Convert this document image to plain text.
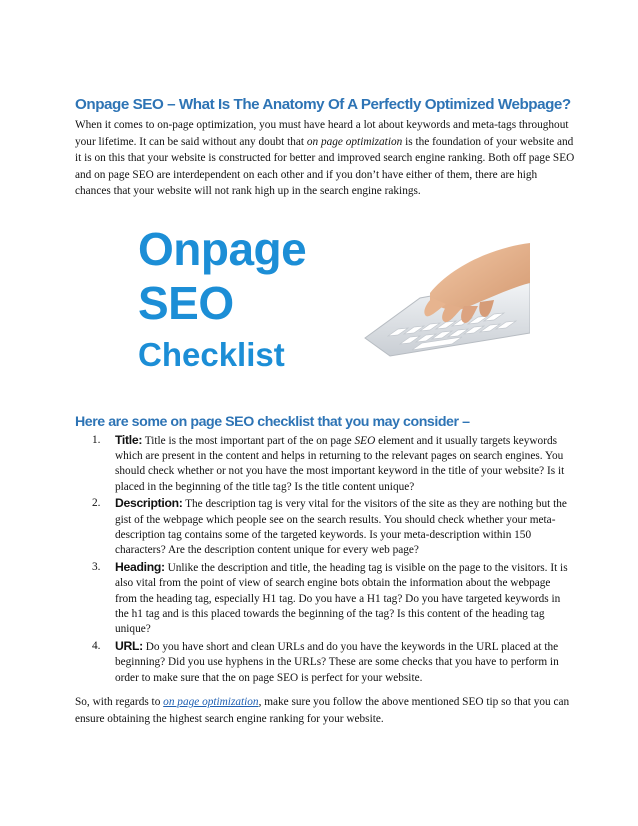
Onpage SEO – What Is The Anatomy Of A Perfectly Optimized Webpage?

When it comes to on-page optimization, you must have heard a lot about keywords and meta-tags throughout your lifetime. It can be said without any doubt that on page optimization is the foundation of your website and it is on this that your website is constructed for better and improved search engine ranking. Both off page SEO and on page SEO are interdependent on each other and if you don’t have either of them, there are high chances that your website will not rank high up in the search engine rakings.

Onpage
SEO
Checklist
Here are some on page SEO checklist that you may consider –
1. Title: Title is the most important part of the on page SEO element and it usually targets keywords which are present in the content and helps in returning to the relevant pages on search engines. You should check whether or not you have the most important keyword in the title of your website? Is it placed in the beginning of the title tag? Is the title content unique?
2. Description: The description tag is very vital for the visitors of the site as they are nothing but the gist of the webpage which people see on the search results. You should check whether your meta-description tag contains some of the targeted keywords. Is your meta-description within 150 characters? Are the description content unique for every web page?
3. Heading: Unlike the description and title, the heading tag is visible on the page to the visitors. It is also vital from the point of view of search engine bots obtain the information about the webpage from the heading tag, especially H1 tag. Do you have a H1 tag? Do you have targeted keywords in the h1 tag and is this placed towards the beginning of the tag? Is this content of the heading tag unique?
4. URL: Do you have short and clean URLs and do you have the keywords in the URL placed at the beginning? Did you use hyphens in the URLs? These are some checks that you have to perform in order to make sure that the on page SEO is perfect for your website.

So, with regards to on page optimization, make sure you follow the above mentioned SEO tip so that you can ensure obtaining the highest search engine ranking for your website.
